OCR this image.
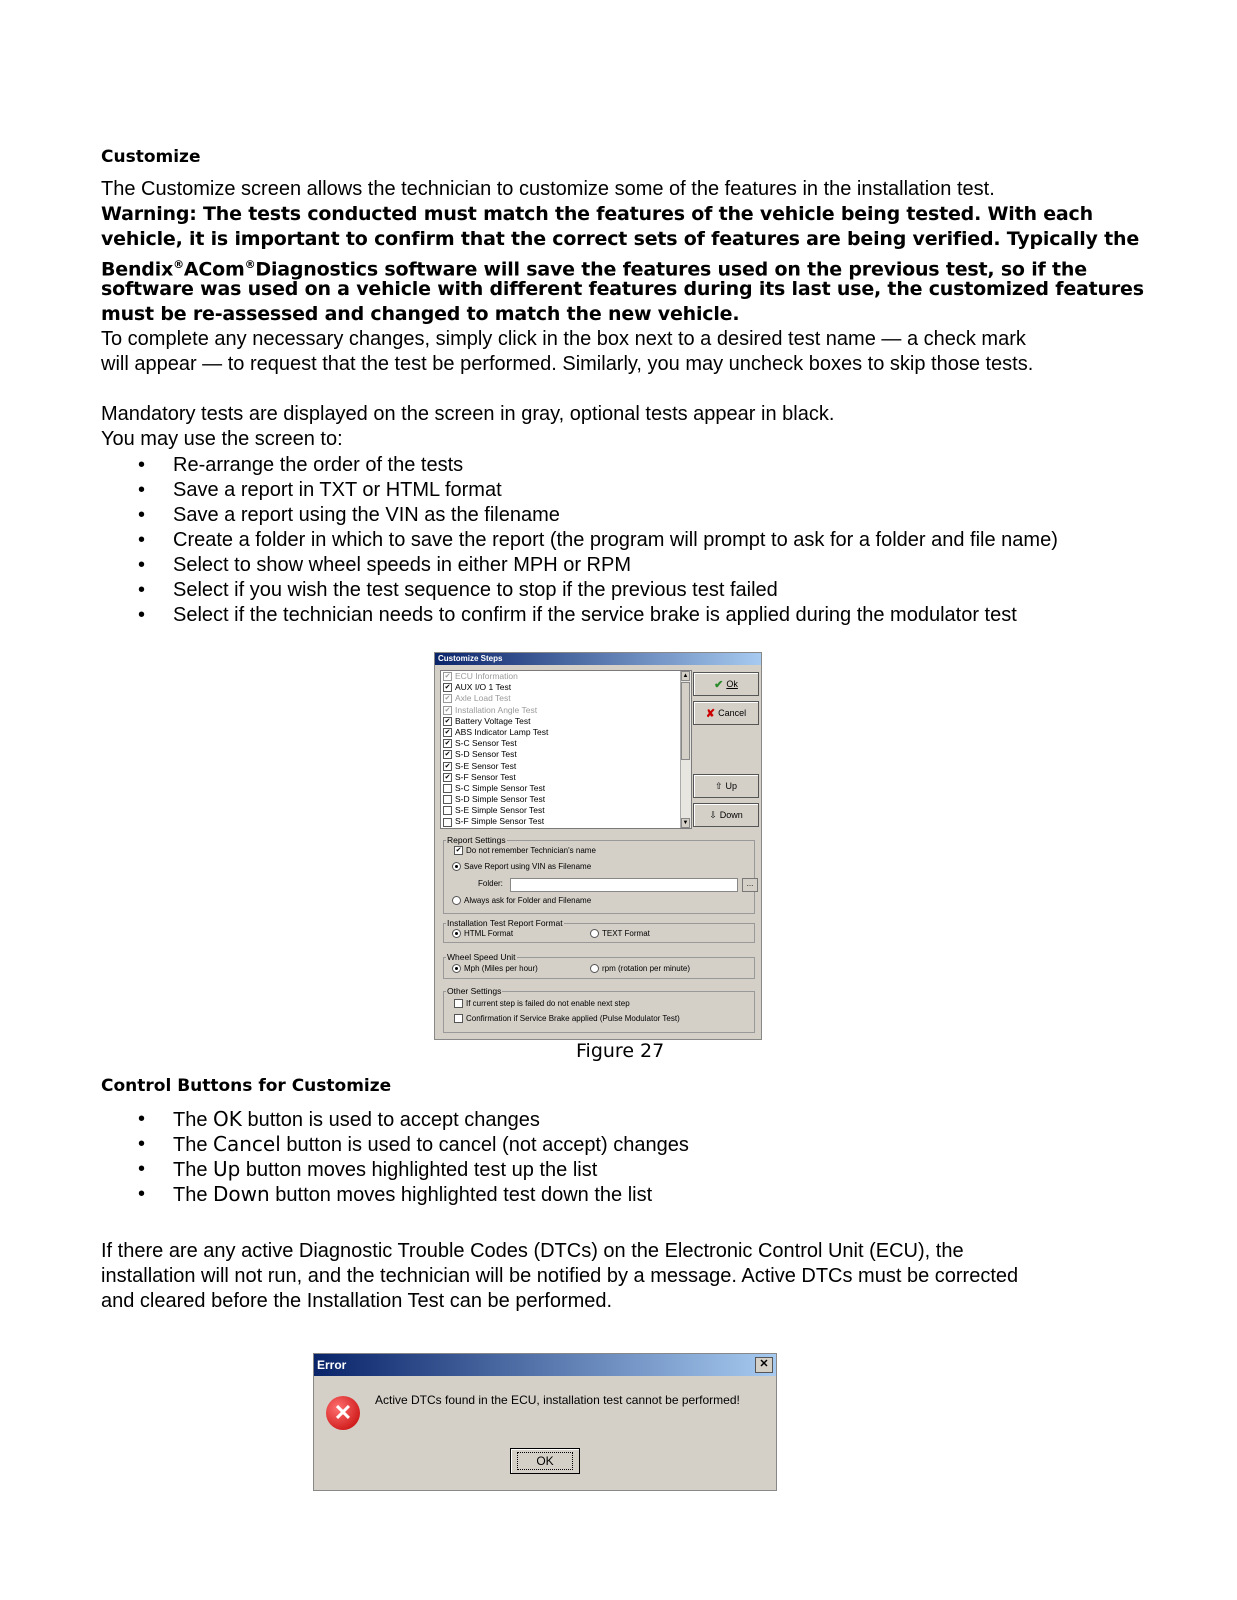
Customize
The Customize screen allows the technician to customize some of the features in the installation test.
Warning: The tests conducted must match the features of the vehicle being tested. With each
vehicle, it is important to confirm that the correct sets of features are being verified. Typically the
Bendix®ACom®Diagnostics software will save the features used on the previous test, so if the
software was used on a vehicle with different features during its last use, the customized features
must be re-assessed and changed to match the new vehicle.
To complete any necessary changes, simply click in the box next to a desired test name — a check mark
will appear — to request that the test be performed. Similarly, you may uncheck boxes to skip those tests.
Mandatory tests are displayed on the screen in gray, optional tests appear in black.
You may use the screen to:
• Re-arrange the order of the tests
• Save a report in TXT or HTML format
• Save a report using the VIN as the filename
• Create a folder in which to save the report (the program will prompt to ask for a folder and file name)
• Select to show wheel speeds in either MPH or RPM
• Select if you wish the test sequence to stop if the previous test failed
• Select if the technician needs to confirm if the service brake is applied during the modulator test
Customize Steps
✔ ECU Information
✔ AUX I/O 1 Test
✔ Axle Load Test
✔ Installation Angle Test
✔ Battery Voltage Test
✔ ABS Indicator Lamp Test
✔ S-C Sensor Test
✔ S-D Sensor Test
✔ S-E Sensor Test
✔ S-F Sensor Test
S-C Simple Sensor Test
S-D Simple Sensor Test
S-E Simple Sensor Test
S-F Simple Sensor Test
▲
▼
✔ Ok
✘ Cancel
⇧ Up
⇩ Down
Report Settings
✔ Do not remember Technician's name
Save Report using VIN as Filename
Folder:	...
Always ask for Folder and Filename
Installation Test Report Format
HTML Format	TEXT Format
Wheel Speed Unit
Mph (Miles per hour)	rpm (rotation per minute)
Other Settings
If current step is failed do not enable next step
Confirmation if Service Brake applied (Pulse Modulator Test)
Figure 27
Control Buttons for Customize
• The OK button is used to accept changes
• The Cancel button is used to cancel (not accept) changes
• The Up button moves highlighted test up the list
• The Down button moves highlighted test down the list
If there are any active Diagnostic Trouble Codes (DTCs) on the Electronic Control Unit (ECU), the
installation will not run, and the technician will be notified by a message. Active DTCs must be corrected
and cleared before the Installation Test can be performed.
Error	✕
✕	Active DTCs found in the ECU, installation test cannot be performed!
OK
